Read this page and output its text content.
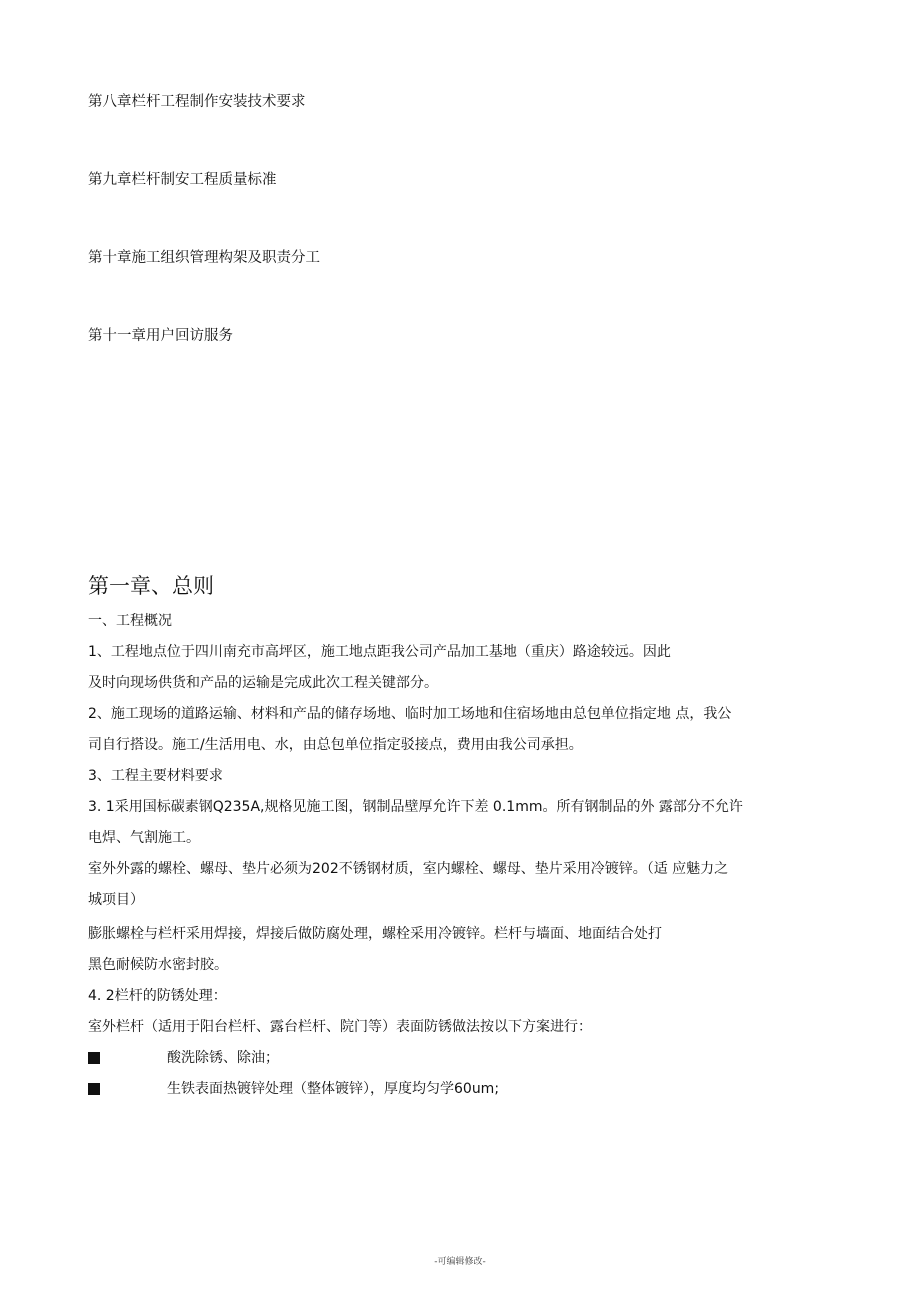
第八章栏杆工程制作安装技术要求
第九章栏杆制安工程质量标准
第十章施工组织管理构架及职责分工
第十一章用户回访服务
第一章、总则
一、工程概况
1、工程地点位于四川南充市高坪区，施工地点距我公司产品加工基地（重庆）路途较远。因此
及时向现场供货和产品的运输是完成此次工程关键部分。
2、施工现场的道路运输、材料和产品的储存场地、临时加工场地和住宿场地由总包单位指定地 点，我公
司自行搭设。施工/生活用电、水，由总包单位指定驳接点，费用由我公司承担。
3、工程主要材料要求
3. 1采用国标碳素钢Q235A,规格见施工图，钢制品壁厚允许下差 0.1mm。所有钢制品的外 露部分不允许
电焊、气割施工。
室外外露的螺栓、螺母、垫片必须为202不锈钢材质，室内螺栓、螺母、垫片采用冷镀锌。（适 应魅力之
城项目）
膨胀螺栓与栏杆采用焊接，焊接后做防腐处理，螺栓采用冷镀锌。栏杆与墙面、地面结合处打
黑色耐候防水密封胶。
4. 2栏杆的防锈处理：
室外栏杆（适用于阳台栏杆、露台栏杆、院门等）表面防锈做法按以下方案进行：
酸洗除锈、除油；
生铁表面热镀锌处理（整体镀锌），厚度均匀学60um;
-可编辑修改-
